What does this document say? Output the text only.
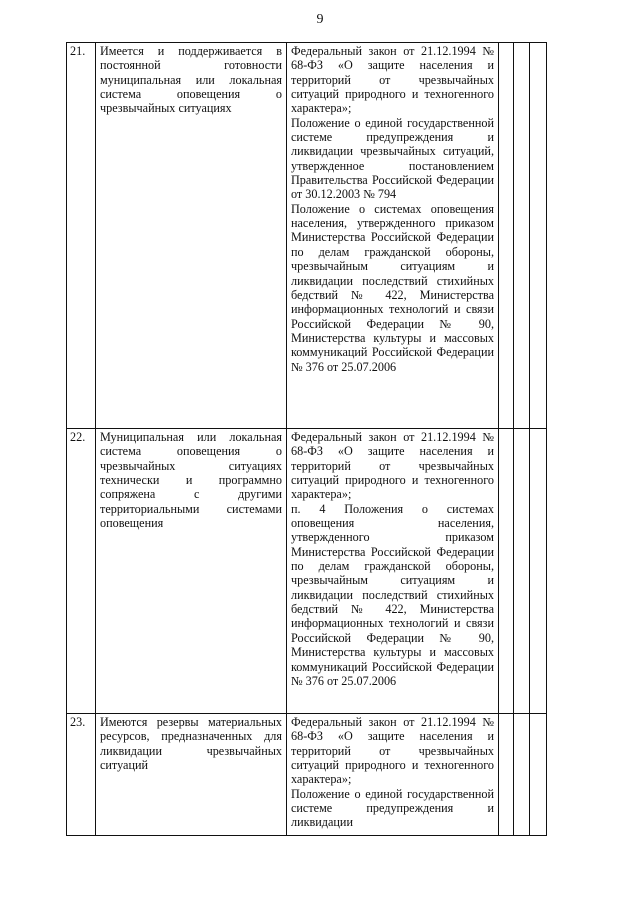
9
21.	Имеется и поддерживается в постоянной готовности муниципальная или локальная система оповещения о чрезвычайных ситуациях	Федеральный закон от 21.12.1994 № 68-ФЗ «О защите населения и территорий от чрезвычайных ситуаций природного и техногенного характера»;
Положение о единой государственной системе предупреждения и ликвидации чрезвычайных ситуаций, утвержденное постановлением Правительства Российской Федерации от 30.12.2003 № 794
Положение о системах оповещения населения, утвержденного приказом Министерства Российской Федерации по делам гражданской обороны, чрезвычайным ситуациям и ликвидации последствий стихийных бедствий № 422, Министерства информационных технологий и связи Российской Федерации № 90, Министерства культуры и массовых коммуникаций Российской Федерации № 376 от 25.07.2006			

22.	Муниципальная или локальная система оповещения о чрезвычайных ситуациях технически и программно сопряжена с другими территориальными системами оповещения	Федеральный закон от 21.12.1994 № 68-ФЗ «О защите населения и территорий от чрезвычайных ситуаций природного и техногенного характера»;
п. 4 Положения о системах оповещения населения, утвержденного приказом Министерства Российской Федерации по делам гражданской обороны, чрезвычайным ситуациям и ликвидации последствий стихийных бедствий № 422, Министерства информационных технологий и связи Российской Федерации № 90, Министерства культуры и массовых коммуникаций Российской Федерации № 376 от 25.07.2006			

23.	Имеются резервы материальных ресурсов, предназначенных для ликвидации чрезвычайных ситуаций	Федеральный закон от 21.12.1994 № 68-ФЗ «О защите населения и территорий от чрезвычайных ситуаций природного и техногенного характера»;
Положение о единой государственной системе предупреждения и ликвидации			
